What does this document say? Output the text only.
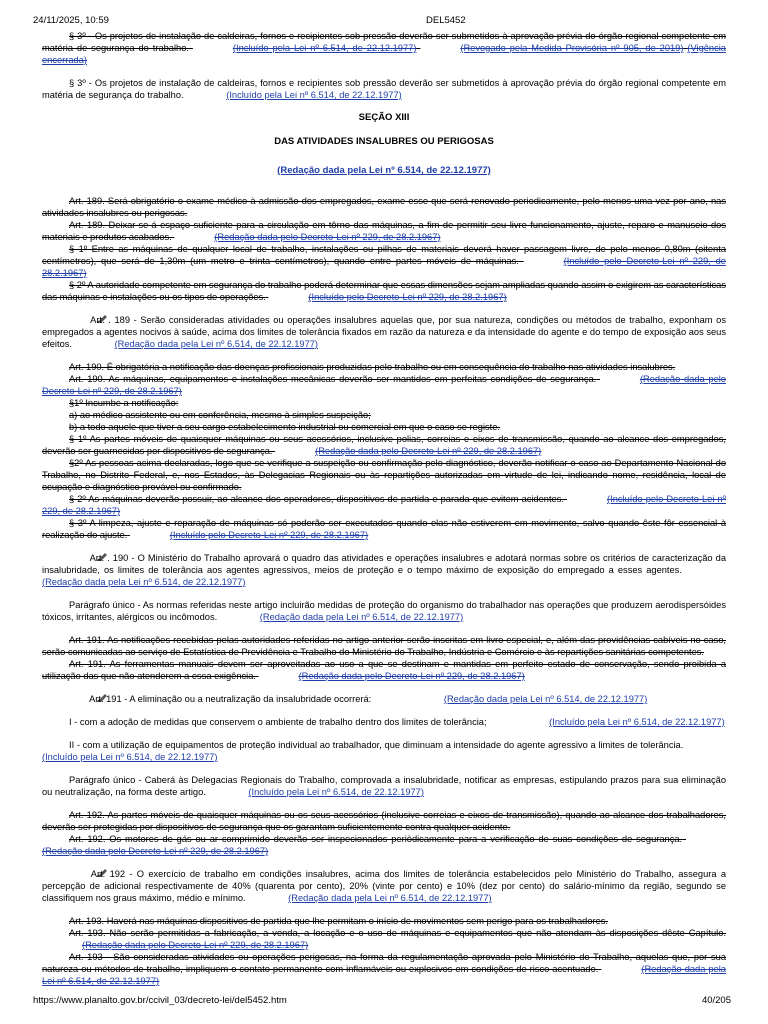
24/11/2025, 10:59	DEL5452

§ 3º - Os projetos de instalação de caldeiras, fornos e recipientes sob pressão deverão ser submetidos à aprovação prévia do órgão regional competente em matéria de segurança do trabalho.	(Incluído pela Lei nº 6.514, de 22.12.1977)	(Revogado pela Medida Provisória nº 905, de 2019) (Vigência encerrada)

§ 3º - Os projetos de instalação de caldeiras, fornos e recipientes sob pressão deverão ser submetidos à aprovação prévia do órgão regional competente em matéria de segurança do trabalho.	(Incluído pela Lei nº 6.514, de 22.12.1977)

SEÇÃO XIII

DAS ATIVIDADES INSALUBRES OU PERIGOSAS

(Redação dada pela Lei nº 6.514, de 22.12.1977)

Art. 189. Será obrigatório o exame médico à admissão dos empregados, exame esse que será renovado periodicamente, pelo menos uma vez por ano, nas atividades insalubres ou perigosas.

Art. 189. Deixar-se-á espaço suficiente para a circulação em tôrno das máquinas, a fim de permitir seu livre funcionamento, ajuste, reparo e manuseio dos materiais e produtos acabados.	(Redação dada pelo Decreto-Lei nº 229, de 28.2.1967)

§ 1º Entre as máquinas de qualquer local de trabalho, instalações ou pilhas de materiais deverá haver passagem livre, de pelo menos 0,80m (oitenta centímetros), que será de 1,30m (um metro e trinta centímetros), quando entre partes móveis de máquinas.	(Incluído pelo Decreto-Lei nº 229, de 28.2.1967)

§ 2º A autoridade competente em segurança do trabalho poderá determinar que essas dimensões sejam ampliadas quando assim o exigirem as características das máquinas e instalações ou os tipos de operações.	(Incluído pelo Decreto-Lei nº 229, de 28.2.1967)

Art. . 189 - Serão consideradas atividades ou operações insalubres aquelas que, por sua natureza, condições ou métodos de trabalho, exponham os empregados a agentes nocivos à saúde, acima dos limites de tolerância fixados em razão da natureza e da intensidade do agente e do tempo de exposição aos seus efeitos.	(Redação dada pela Lei nº 6.514, de 22.12.1977)

Art. 190. É obrigatória a notificação das doenças profissionais produzidas pelo trabalho ou em consequência do trabalho nas atividades insalubres.

Art. 190. As máquinas, equipamentos e instalações mecânicas deverão ser mantidos em perfeitas condições de segurança.	(Redação dada pelo Decreto-Lei nº 229, de 28.2.1967)

§1º Incumbe a notificação:

a) ao médico assistente ou em conferência, mesmo à simples suspeição;

b) a todo aquele que tiver a seu cargo estabelecimento industrial ou comercial em que o caso se registe.

§ 1º As partes móveis de quaisquer máquinas ou seus acessórios, inclusive polias, correias e eixos de transmissão, quando ao alcance dos empregados, deverão ser guarnecidas por dispositivos de segurança.	(Redação dada pelo Decreto-Lei nº 229, de 28.2.1967)

§2º As pessoas acima declaradas, logo que se verifique a suspeição ou confirmação pelo diagnóstico, deverão notificar o caso ao Departamento Nacional do Trabalho, no Distrito Federal, e, nos Estados, às Delegacias Regionais ou às repartições autorizadas em virtude de lei, indicando nome, residência, local de ocupação e diagnóstico provável ou confirmado.

§ 2º As máquinas deverão possuir, ao alcance dos operadores, dispositivos de partida e parada que evitem acidentes.	(Incluído pelo Decreto-Lei nº 229, de 28.2.1967)

§ 3º A limpeza, ajuste e reparação de máquinas só poderão ser executados quando elas não estiverem em movimento, salvo quando êste fôr essencial à realização do ajuste.	(Incluído pelo Decreto-Lei nº 229, de 28.2.1967)

Art. . 190 - O Ministério do Trabalho aprovará o quadro das atividades e operações insalubres e adotará normas sobre os critérios de caracterização da insalubridade, os limites de tolerância aos agentes agressivos, meios de proteção e o tempo máximo de exposição do empregado a esses agentes. (Redação dada pela Lei nº 6.514, de 22.12.1977)

Parágrafo único - As normas referidas neste artigo incluirão medidas de proteção do organismo do trabalhador nas operações que produzem aerodispersóides tóxicos, irritantes, alérgicos ou incômodos.	(Redação dada pela Lei nº 6.514, de 22.12.1977)

Art. 191. As notificações recebidas pelas autoridades referidas no artigo anterior serão inscritas em livro especial, e, além das providências cabíveis no caso, serão comunicadas ao serviço de Estatística de Previdência e Trabalho do Ministério do Trabalho, Indústria e Comércio e às repartições sanitárias competentes.

Art. 191. As ferramentas manuais devem ser aproveitadas ao uso a que se destinam e mantidas em perfeito estado de conservação, sendo proibida a utilização das que não atenderem a essa exigência.	(Redação dada pelo Decreto-Lei nº 229, de 28.2.1967)

Art. 191 - A eliminação ou a neutralização da insalubridade ocorrerá:	(Redação dada pela Lei nº 6.514, de 22.12.1977)

I - com a adoção de medidas que conservem o ambiente de trabalho dentro dos limites de tolerância;	(Incluído pela Lei nº 6.514, de 22.12.1977)

II - com a utilização de equipamentos de proteção individual ao trabalhador, que diminuam a intensidade do agente agressivo a limites de tolerância. (Incluído pela Lei nº 6.514, de 22.12.1977)

Parágrafo único - Caberá às Delegacias Regionais do Trabalho, comprovada a insalubridade, notificar as empresas, estipulando prazos para sua eliminação ou neutralização, na forma deste artigo.	(Incluído pela Lei nº 6.514, de 22.12.1977)

Art. 192. As partes móveis de quaisquer máquinas ou os seus acessórios (inclusive correias e eixos de transmissão), quando ao alcance dos trabalhadores, deverão ser protegidas por dispositivos de segurança que os garantam suficientemente contra qualquer acidente.

Art. 192. Os motores de gás ou ar comprimido deverão ser inspecionados periòdicamente para a verificação de suas condições de segurança. (Redação dada pelo Decreto-Lei nº 229, de 28.2.1967)

Art. 192 - O exercício de trabalho em condições insalubres, acima dos limites de tolerância estabelecidos pelo Ministério do Trabalho, assegura a percepção de adicional respectivamente de 40% (quarenta por cento), 20% (vinte por cento) e 10% (dez por cento) do salário-mínimo da região, segundo se classifiquem nos graus máximo, médio e mínimo.	(Redação dada pela Lei nº 6.514, de 22.12.1977)

Art. 193. Haverá nas máquinas dispositivos de partida que lhe permitam o início de movimentos sem perigo para os trabalhadores.

Art. 193. Não serão permitidas a fabricação, a venda, a locação e o uso de máquinas e equipamentos que não atendam às disposições dêste Capítulo. (Redação dada pelo Decreto-Lei nº 229, de 28.2.1967)

Art. 193 - São consideradas atividades ou operações perigosas, na forma da regulamentação aprovada pelo Ministério do Trabalho, aquelas que, por sua natureza ou métodos de trabalho, impliquem o contato permanente com inflamáveis ou explosivos em condições de risco acentuado.	(Redação dada pela Lei nº 6.514, de 22.12.1977)

https://www.planalto.gov.br/ccivil_03/decreto-lei/del5452.htm	40/205
